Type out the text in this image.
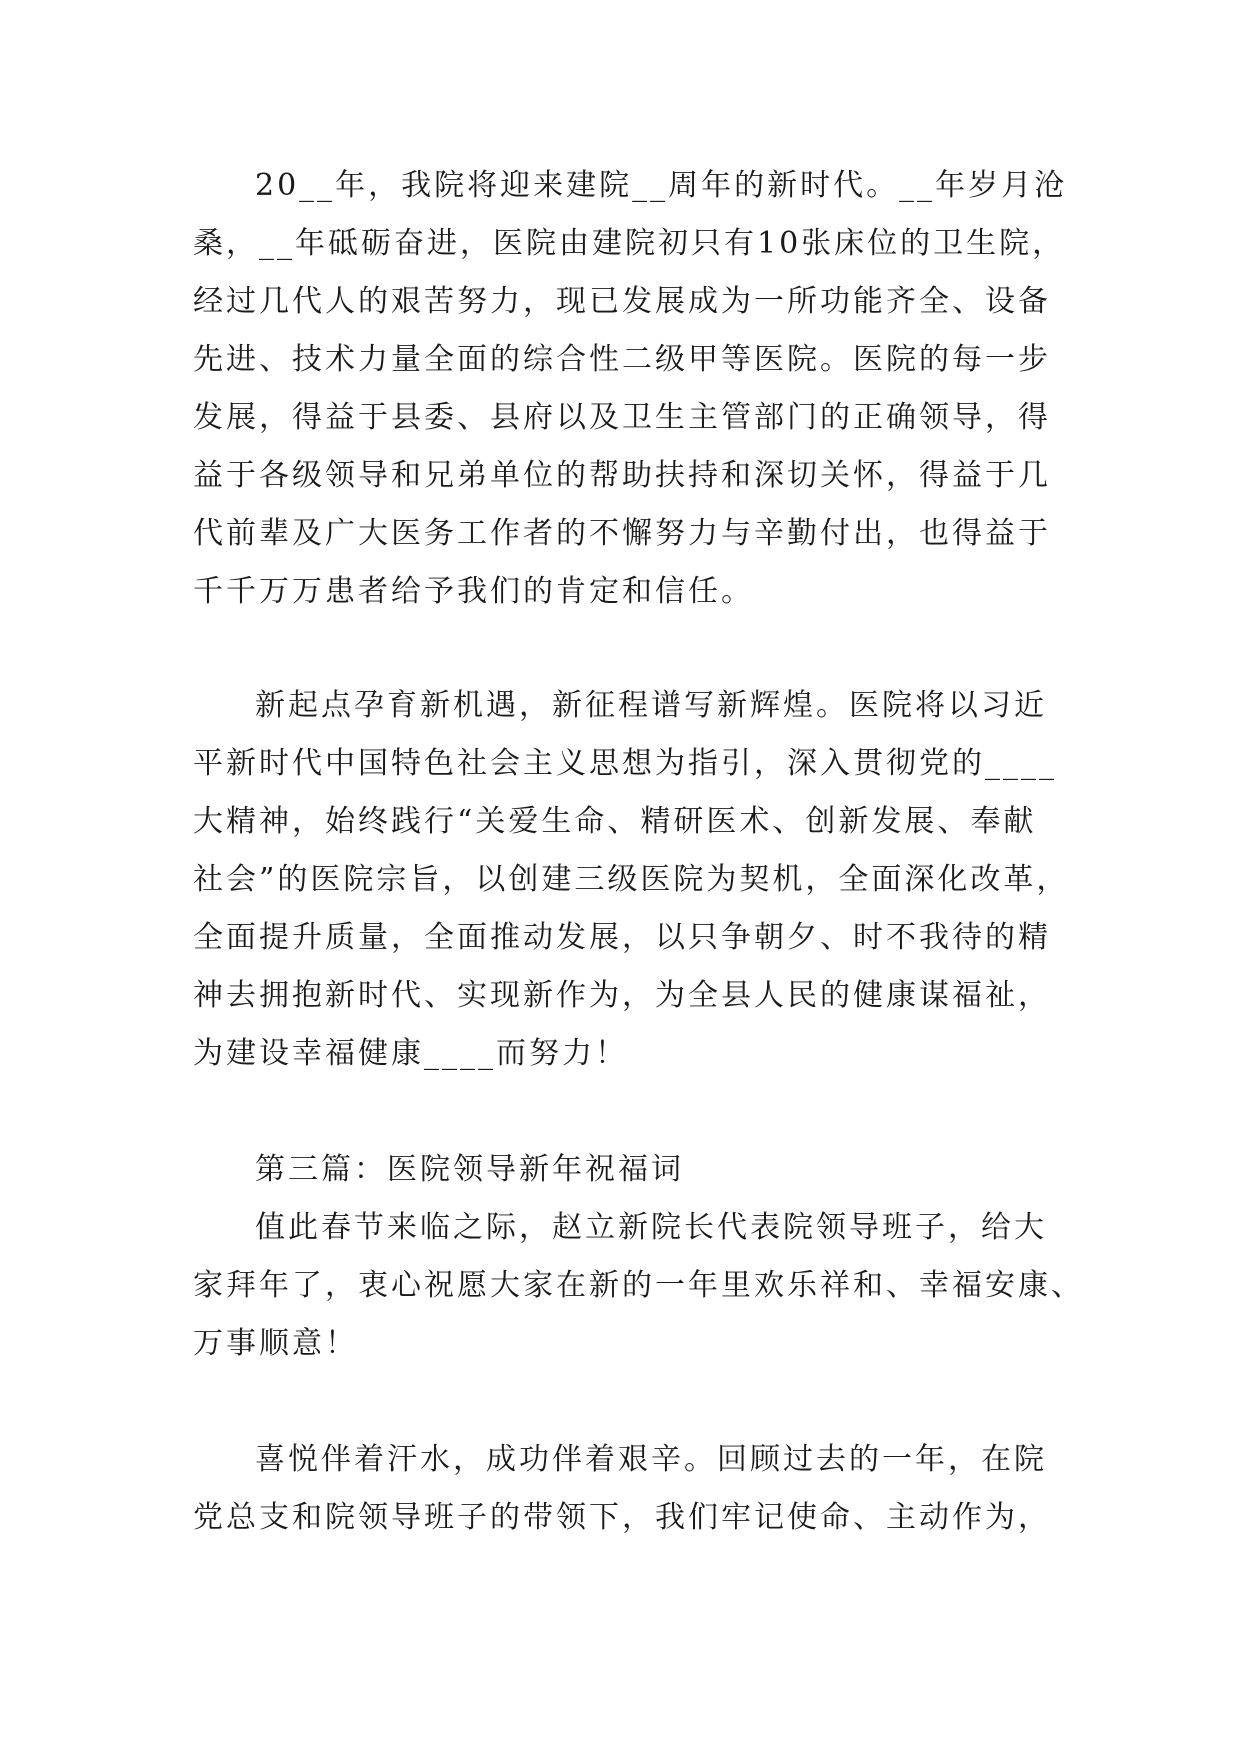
20__年，我院将迎来建院__周年的新时代。__年岁月沧
桑，__年砥砺奋进，医院由建院初只有10张床位的卫生院，
经过几代人的艰苦努力，现已发展成为一所功能齐全、设备
先进、技术力量全面的综合性二级甲等医院。医院的每一步
发展，得益于县委、县府以及卫生主管部门的正确领导，得
益于各级领导和兄弟单位的帮助扶持和深切关怀，得益于几
代前辈及广大医务工作者的不懈努力与辛勤付出，也得益于
千千万万患者给予我们的肯定和信任。
新起点孕育新机遇，新征程谱写新辉煌。医院将以习近
平新时代中国特色社会主义思想为指引，深入贯彻党的____
大精神，始终践行“关爱生命、精研医术、创新发展、奉献
社会”的医院宗旨，以创建三级医院为契机，全面深化改革，
全面提升质量，全面推动发展，以只争朝夕、时不我待的精
神去拥抱新时代、实现新作为，为全县人民的健康谋福祉，
为建设幸福健康____而努力！
第三篇：医院领导新年祝福词
值此春节来临之际，赵立新院长代表院领导班子，给大
家拜年了，衷心祝愿大家在新的一年里欢乐祥和、幸福安康、
万事顺意！
喜悦伴着汗水，成功伴着艰辛。回顾过去的一年，在院
党总支和院领导班子的带领下，我们牢记使命、主动作为，
